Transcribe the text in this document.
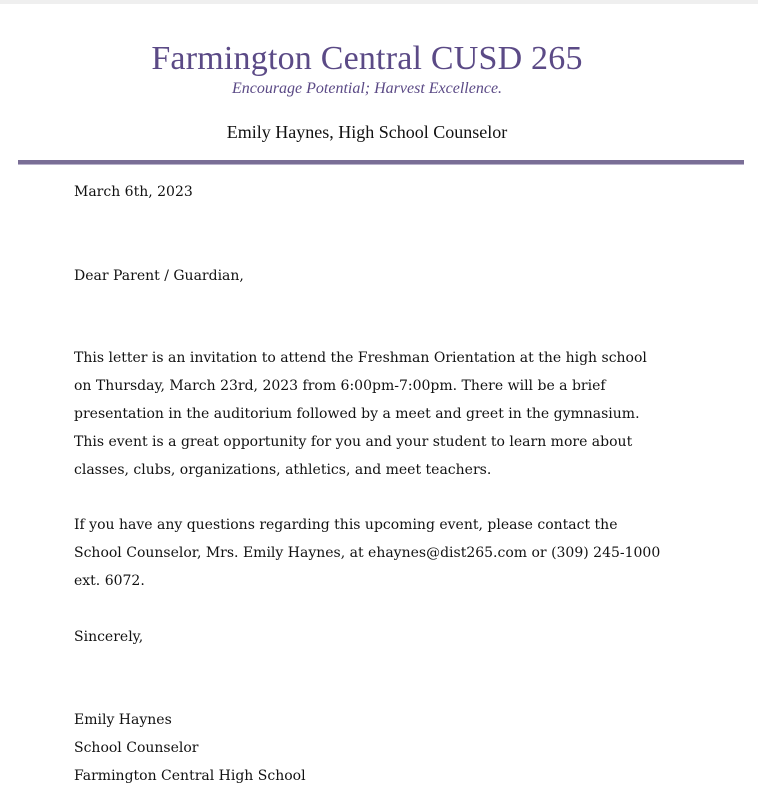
Farmington Central CUSD 265
Encourage Potential; Harvest Excellence.
Emily Haynes, High School Counselor
March 6th, 2023
Dear Parent / Guardian,
This letter is an invitation to attend the Freshman Orientation at the high school on Thursday, March 23rd, 2023 from 6:00pm-7:00pm. There will be a brief presentation in the auditorium followed by a meet and greet in the gymnasium. This event is a great opportunity for you and your student to learn more about classes, clubs, organizations, athletics, and meet teachers.
If you have any questions regarding this upcoming event, please contact the School Counselor, Mrs. Emily Haynes, at ehaynes@dist265.com or (309) 245-1000 ext. 6072.
Sincerely,
Emily Haynes
School Counselor
Farmington Central High School
